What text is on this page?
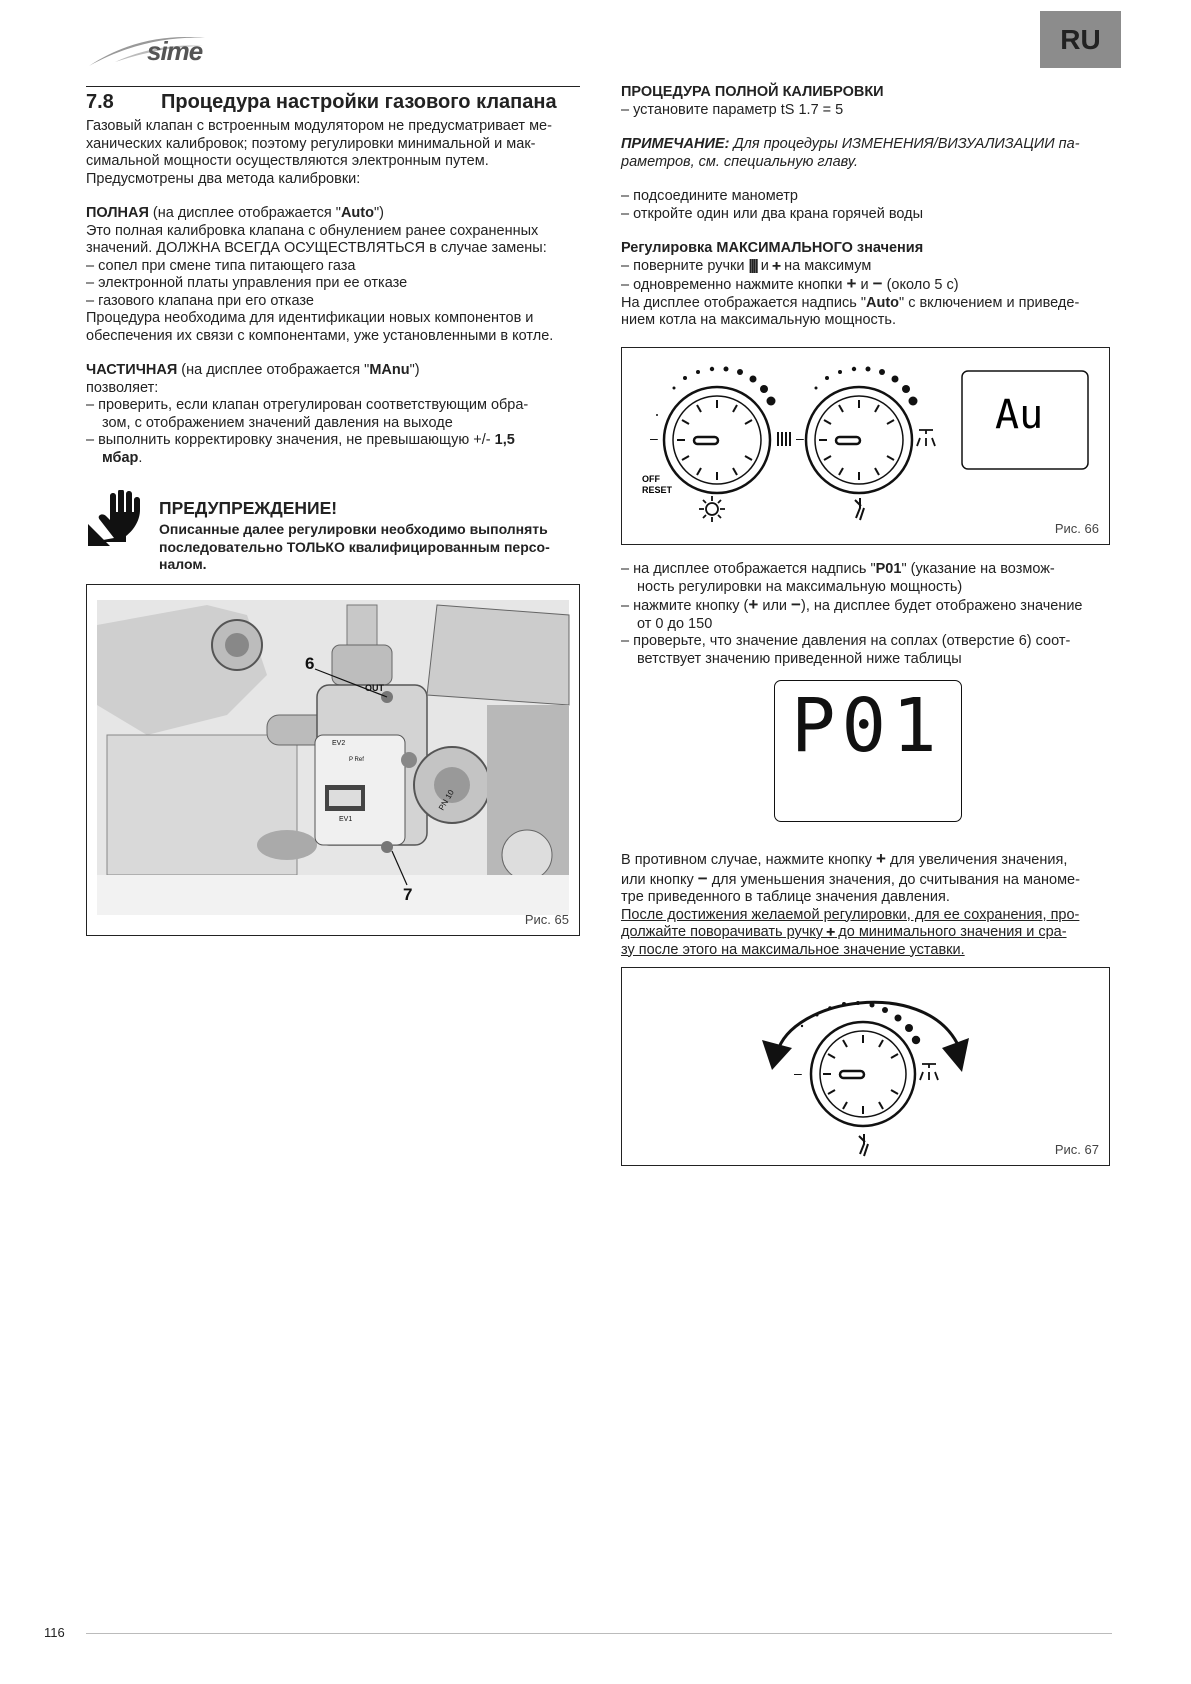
sime	RU
7.8 Процедура настройки газового клапана

Газовый клапан с встроенным модулятором не предусматривает ме-

ханических калибровок; поэтому регулировки минимальной и мак-

симальной мощности осуществляются электронным путем.

Предусмотрены два метода калибровки:

ПОЛНАЯ (на дисплее отображается "Auto")

Это полная калибровка клапана с обнулением ранее сохраненных

значений. ДОЛЖНА ВСЕГДА ОСУЩЕСТВЛЯТЬСЯ в случае замены:

– сопел при смене типа питающего газа

– электронной платы управления при ее отказе

– газового клапана при его отказе

Процедура необходима для идентификации новых компонентов и

обеспечения их связи с компонентами, уже установленными в котле.

ЧАСТИЧНАЯ (на дисплее отображается "MAnu")

позволяет:

– проверить, если клапан отрегулирован соответствующим обра-

зом, с отображением значений давления на выходе

– выполнить корректировку значения, не превышающую +/- 1,5

мбар.

ПРЕДУПРЕЖДЕНИЕ!

Описанные далее регулировки необходимо выполнять

последовательно ТОЛЬКО квалифицированным персо-

налом.

OUT
EV2
P Ref
EV1
PN 10
6
7
Рис. 65

ПРОЦЕДУРА ПОЛНОЙ КАЛИБРОВКИ

– установите параметр tS 1.7 = 5

ПРИМЕЧАНИЕ: Для процедуры ИЗМЕНЕНИЯ/ВИЗУАЛИЗАЦИИ па-

раметров, см. специальную главу.

– подсоедините манометр

– откройте один или два крана горячей воды

Регулировка МАКСИМАЛЬНОГО значения

– поверните ручки |||| и ᚐ на максимум

– одновременно нажмите кнопки + и − (около 5 с)

На дисплее отображается надпись "Auto" с включением и приведе-

нием котла на максимальную мощность.

–	–
OFF
RESET
Au
Рис. 66

– на дисплее отображается надпись "P01" (указание на возмож-

ность регулировки на максимальную мощность)

– нажмите кнопку (+ или −), на дисплее будет отображено значение

от 0 до 150

– проверьте, что значение давления на соплах (отверстие 6) соот-

ветствует значению приведенной ниже таблицы

P01

В противном случае, нажмите кнопку + для увеличения значения,

или кнопку − для уменьшения значения, до считывания на маноме-

тре приведенного в таблице значения давления.

После достижения желаемой регулировки, для ее сохранения, про-

должайте поворачивать ручку ᚐ до минимального значения и сра-

зу после этого на максимальное значение уставки.

–
Рис. 67
116
